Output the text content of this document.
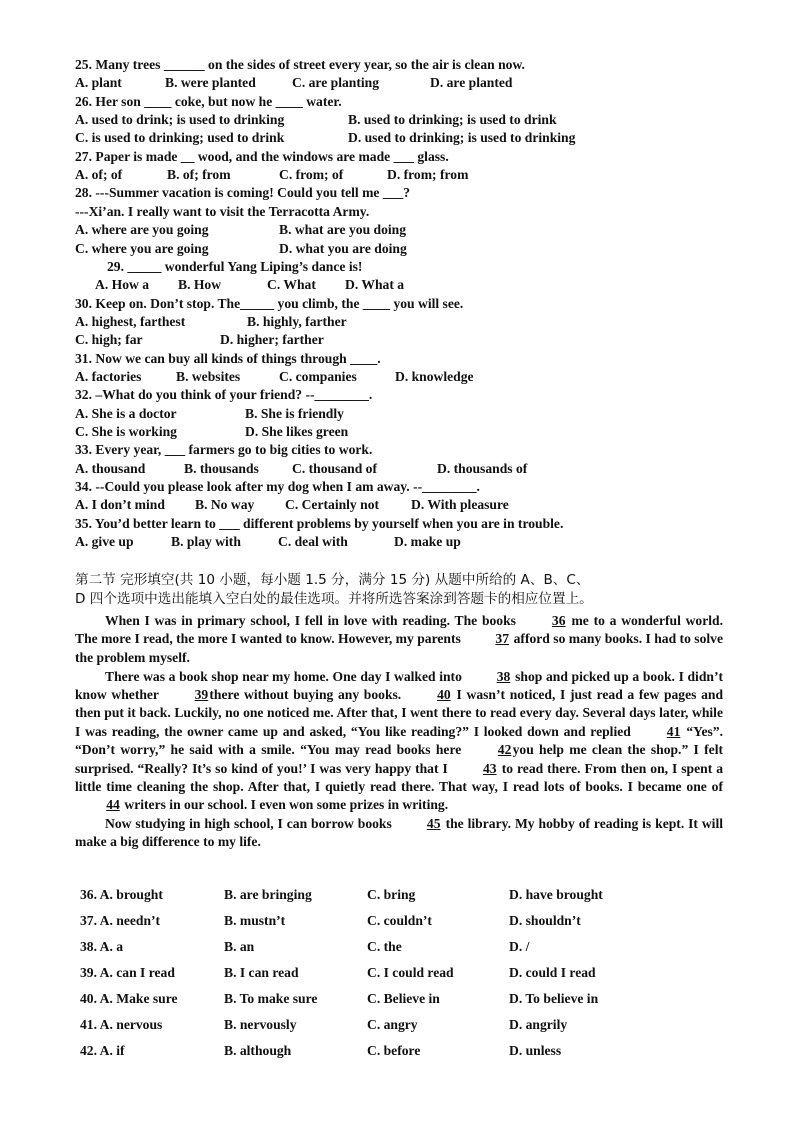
25. Many trees ______ on the sides of street every year, so the air is clean now.
A. plant	B. were planted	C. are planting	D. are planted
26. Her son ____ coke, but now he ____ water.
A. used to drink; is used to drinking	B. used to drinking; is used to drink
C. is used to drinking; used to drink	D. used to drinking; is used to drinking
27. Paper is made __ wood, and the windows are made ___ glass.
A. of; of	B. of; from	C. from; of	D. from; from
28. ---Summer vacation is coming! Could you tell me ___?
---Xi’an. I really want to visit the Terracotta Army.
A. where are you going	B. what are you doing
C. where you are going	D. what you are doing
29. _____ wonderful Yang Liping’s dance is!
A. How a B. How	C. What D. What a
30. Keep on. Don’t stop. The_____ you climb, the ____ you will see.
A. highest, farthest	B. highly, farther
C. high; far	D. higher; farther
31. Now we can buy all kinds of things through ____.
A. factories	B. websites	C. companies	D. knowledge
32. –What do you think of your friend? --________.
A. She is a doctor	B. She is friendly
C. She is working	D. She likes green
33. Every year, ___ farmers go to big cities to work.
A. thousand	B. thousands C. thousand of	D. thousands of
34. --Could you please look after my dog when I am away. --________.
A. I don’t mind B. No way C. Certainly not D. With pleasure
35. You’d better learn to ___ different problems by yourself when you are in trouble.
A. give up	B. play with	C. deal with	D. make up
第二节 完形填空(共 10 小题，每小题 1.5 分，满分 15 分) 从题中所给的 A、B、C、
D 四个选项中选出能填入空白处的最佳选项。并将所选答案涂到答题卡的相应位置上。

When I was in primary school, I fell in love with reading. The books 36 me to a wonderful world. The more I read, the more I wanted to know. However, my parents 37 afford so many books. I had to solve the problem myself.

There was a book shop near my home. One day I walked into 38 shop and picked up a book. I didn’t know whether 39there without buying any books. 40 I wasn’t noticed, I just read a few pages and then put it back. Luckily, no one noticed me. After that, I went there to read every day. Several days later, while I was reading, the owner came up and asked, “You like reading?” I looked down and replied 41 “Yes”. “Don’t worry,” he said with a smile. “You may read books here 42you help me clean the shop.” I felt surprised. “Really? It’s so kind of you!’ I was very happy that I 43 to read there. From then on, I spent a little time cleaning the shop. After that, I quietly read there. That way, I read lots of books. I became one of 44 writers in our school. I even won some prizes in writing.

Now studying in high school, I can borrow books 45 the library. My hobby of reading is kept. It will make a big difference to my life.

36. A. brought	B. are bringing	C. bring	D. have brought
37. A. needn’t	B. mustn’t	C. couldn’t	D. shouldn’t
38. A. a	B. an	C. the	D. /
39. A. can I read	B. I can read	C. I could read	D. could I read
40. A. Make sure	B. To make sure	C. Believe in	D. To believe in
41. A. nervous	B. nervously	C. angry	D. angrily
42. A. if	B. although	C. before	D. unless
